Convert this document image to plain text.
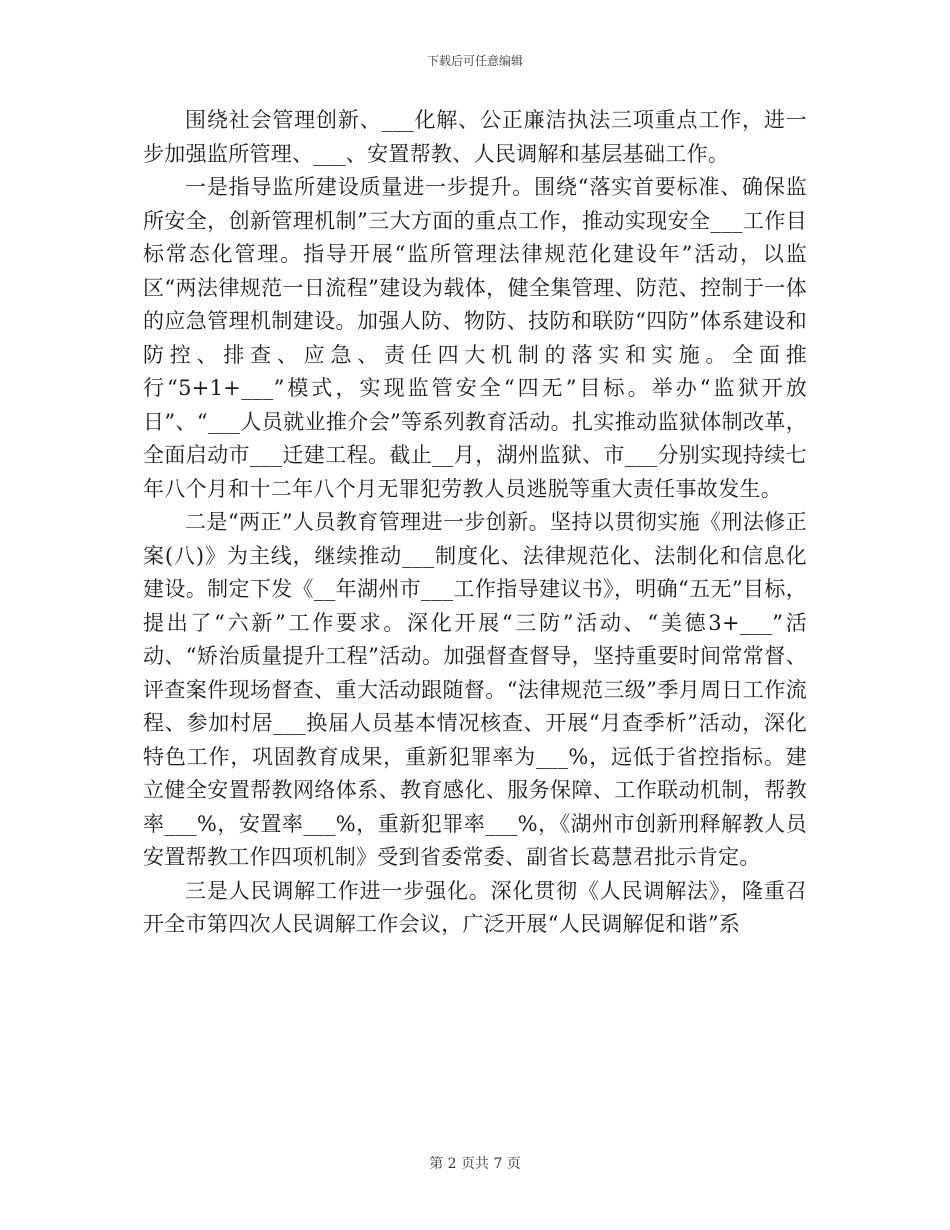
下载后可任意编辑

围绕社会管理创新、___化解、公正廉洁执法三项重点工作，进一步加强监所管理、___、安置帮教、人民调解和基层基础工作。

一是指导监所建设质量进一步提升。围绕“落实首要标准、确保监所安全，创新管理机制”三大方面的重点工作，推动实现安全___工作目标常态化管理。指导开展“监所管理法律规范化建设年”活动，以监区“两法律规范一日流程”建设为载体，健全集管理、防范、控制于一体的应急管理机制建设。加强人防、物防、技防和联防“四防”体系建设和防控、排查、应急、责任四大机制的落实和实施。全面推行“5+1+___”模式，实现监管安全“四无”目标。举办“监狱开放日”、“___人员就业推介会”等系列教育活动。扎实推动监狱体制改革，全面启动市___迁建工程。截止__月，湖州监狱、市___分别实现持续七年八个月和十二年八个月无罪犯劳教人员逃脱等重大责任事故发生。

二是“两正”人员教育管理进一步创新。坚持以贯彻实施《刑法修正案(八)》为主线，继续推动___制度化、法律规范化、法制化和信息化建设。制定下发《__年湖州市___工作指导建议书》，明确“五无”目标，提出了“六新”工作要求。深化开展“三防”活动、“美德3+___”活动、“矫治质量提升工程”活动。加强督查督导，坚持重要时间常常督、评查案件现场督查、重大活动跟随督。“法律规范三级”季月周日工作流程、参加村居___换届人员基本情况核查、开展“月查季析”活动，深化特色工作，巩固教育成果，重新犯罪率为___%，远低于省控指标。建立健全安置帮教网络体系、教育感化、服务保障、工作联动机制，帮教率___%，安置率___%，重新犯罪率___%，《湖州市创新刑释解教人员安置帮教工作四项机制》受到省委常委、副省长葛慧君批示肯定。

三是人民调解工作进一步强化。深化贯彻《人民调解法》，隆重召开全市第四次人民调解工作会议，广泛开展“人民调解促和谐”系

第 2 页共 7 页
